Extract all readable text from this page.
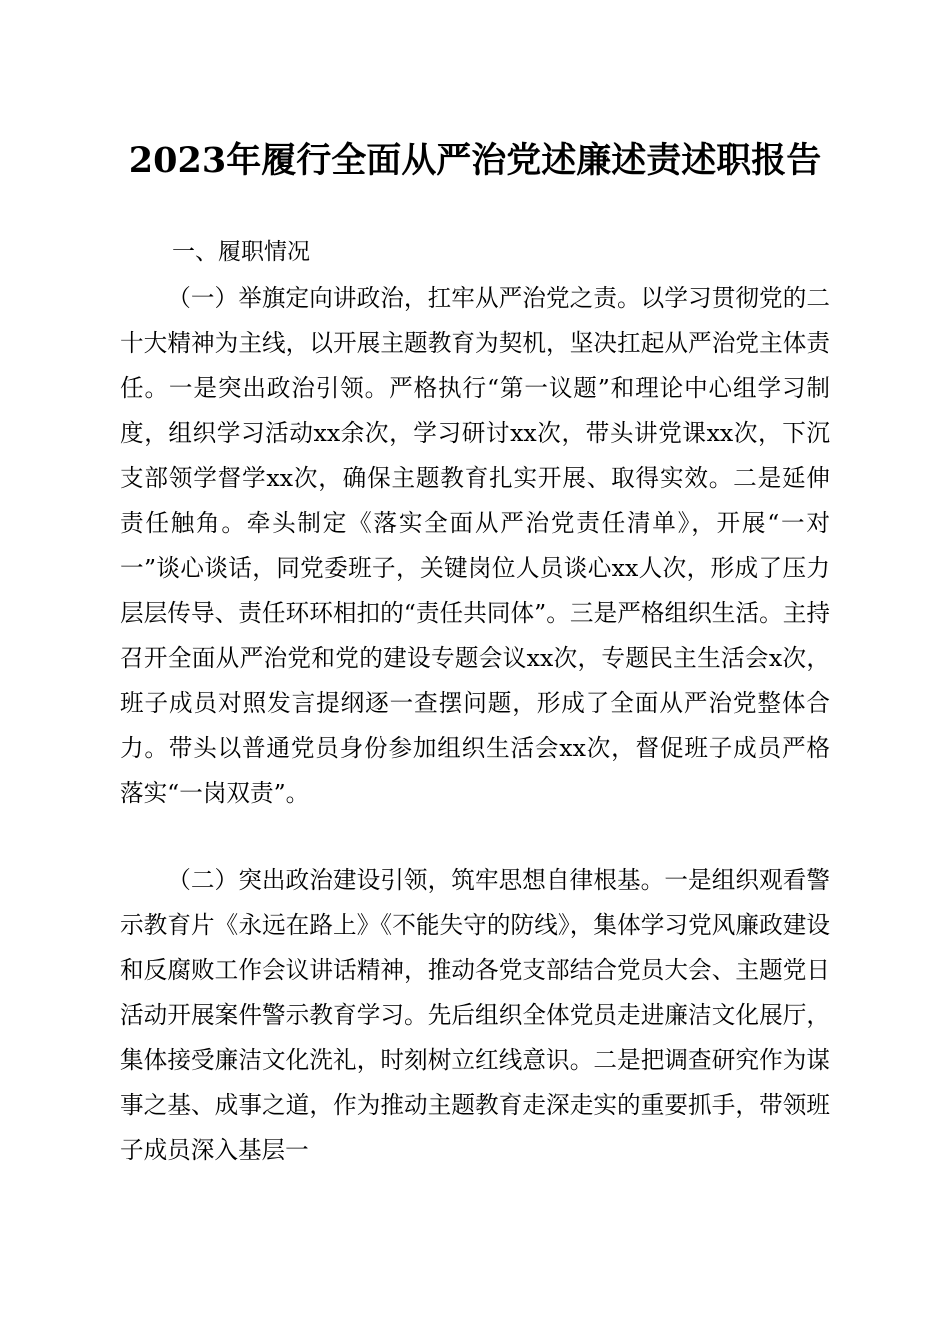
2023年履行全面从严治党述廉述责述职报告
一、履职情况

（一）举旗定向讲政治，扛牢从严治党之责。以学习贯彻党的二十大精神为主线，以开展主题教育为契机，坚决扛起从严治党主体责任。一是突出政治引领。严格执行“第一议题”和理论中心组学习制度，组织学习活动xx余次，学习研讨xx次，带头讲党课xx次，下沉支部领学督学xx次，确保主题教育扎实开展、取得实效。二是延伸责任触角。牵头制定《落实全面从严治党责任清单》，开展“一对一”谈心谈话，同党委班子，关键岗位人员谈心xx人次，形成了压力层层传导、责任环环相扣的“责任共同体”。三是严格组织生活。主持召开全面从严治党和党的建设专题会议xx次，专题民主生活会x次，班子成员对照发言提纲逐一查摆问题，形成了全面从严治党整体合力。带头以普通党员身份参加组织生活会xx次，督促班子成员严格落实“一岗双责”。

（二）突出政治建设引领，筑牢思想自律根基。一是组织观看警示教育片《永远在路上》《不能失守的防线》，集体学习党风廉政建设和反腐败工作会议讲话精神，推动各党支部结合党员大会、主题党日活动开展案件警示教育学习。先后组织全体党员走进廉洁文化展厅，集体接受廉洁文化洗礼，时刻树立红线意识。二是把调查研究作为谋事之基、成事之道，作为推动主题教育走深走实的重要抓手，带领班子成员深入基层一
